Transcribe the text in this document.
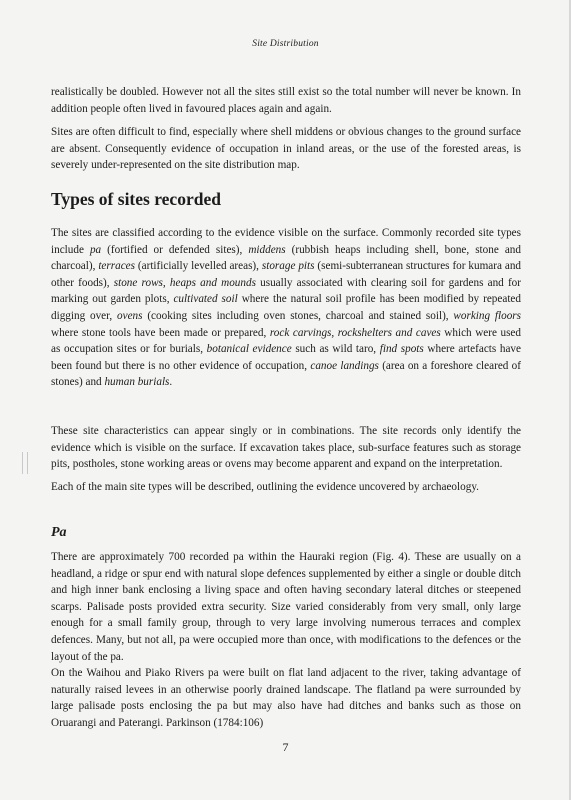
Site Distribution

realistically be doubled. However not all the sites still exist so the total number will never be known. In addition people often lived in favoured places again and again.

Sites are often difficult to find, especially where shell middens or obvious changes to the ground surface are absent. Consequently evidence of occupation in inland areas, or the use of the forested areas, is severely under-represented on the site distribution map.

Types of sites recorded

The sites are classified according to the evidence visible on the surface. Commonly recorded site types include pa (fortified or defended sites), middens (rubbish heaps including shell, bone, stone and charcoal), terraces (artificially levelled areas), storage pits (semi-subterranean structures for kumara and other foods), stone rows, heaps and mounds usually associated with clearing soil for gardens and for marking out garden plots, cultivated soil where the natural soil profile has been modified by repeated digging over, ovens (cooking sites including oven stones, charcoal and stained soil), working floors where stone tools have been made or prepared, rock carvings, rockshelters and caves which were used as occupation sites or for burials, botanical evidence such as wild taro, find spots where artefacts have been found but there is no other evidence of occupation, canoe landings (area on a foreshore cleared of stones) and human burials.

These site characteristics can appear singly or in combinations. The site records only identify the evidence which is visible on the surface. If excavation takes place, sub-surface features such as storage pits, postholes, stone working areas or ovens may become apparent and expand on the interpretation.

Each of the main site types will be described, outlining the evidence uncovered by archaeology.

Pa

There are approximately 700 recorded pa within the Hauraki region (Fig. 4). These are usually on a headland, a ridge or spur end with natural slope defences supplemented by either a single or double ditch and high inner bank enclosing a living space and often having secondary lateral ditches or steepened scarps. Palisade posts provided extra security. Size varied considerably from very small, only large enough for a small family group, through to very large involving numerous terraces and complex defences. Many, but not all, pa were occupied more than once, with modifications to the defences or the layout of the pa.

On the Waihou and Piako Rivers pa were built on flat land adjacent to the river, taking advantage of naturally raised levees in an otherwise poorly drained landscape. The flatland pa were surrounded by large palisade posts enclosing the pa but may also have had ditches and banks such as those on Oruarangi and Paterangi. Parkinson (1784:106)

7
